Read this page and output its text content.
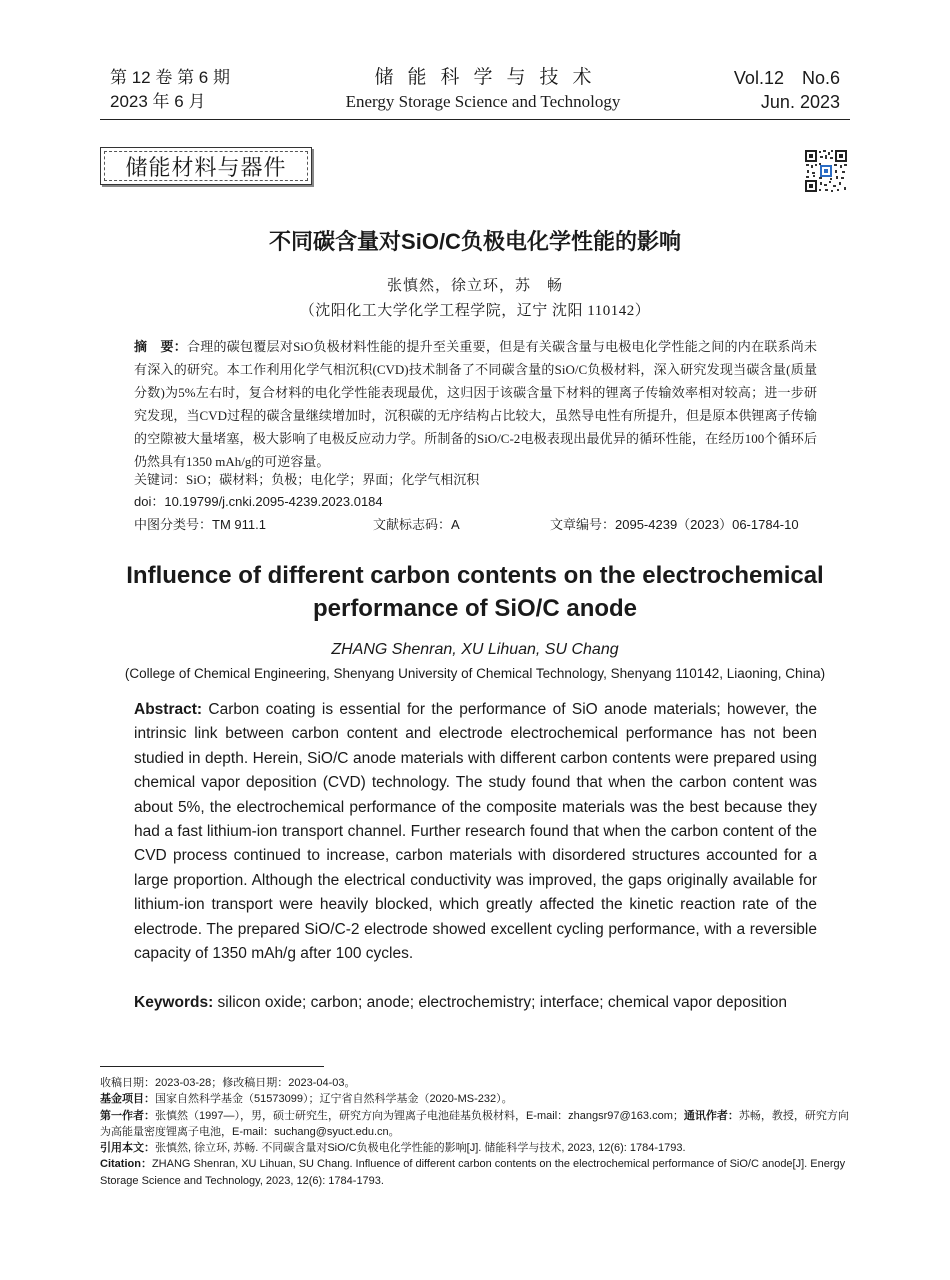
第 12 卷 第 6 期
2023 年 6 月
储能科学与技术
Energy Storage Science and Technology
Vol.12　No.6
Jun. 2023
储能材料与器件
不同碳含量对SiO/C负极电化学性能的影响
张慎然，徐立环，苏　畅
（沈阳化工大学化学工程学院，辽宁 沈阳 110142）
摘　要：合理的碳包覆层对SiO负极材料性能的提升至关重要，但是有关碳含量与电极电化学性能之间的内在联系尚未有深入的研究。本工作利用化学气相沉积(CVD)技术制备了不同碳含量的SiO/C负极材料，深入研究发现当碳含量(质量分数)为5%左右时，复合材料的电化学性能表现最优，这归因于该碳含量下材料的锂离子传输效率相对较高；进一步研究发现，当CVD过程的碳含量继续增加时，沉积碳的无序结构占比较大，虽然导电性有所提升，但是原本供锂离子传输的空隙被大量堵塞，极大影响了电极反应动力学。所制备的SiO/C-2电极表现出最优异的循环性能，在经历100个循环后仍然具有1350 mAh/g的可逆容量。
关键词：SiO；碳材料；负极；电化学；界面；化学气相沉积
doi：10.19799/j.cnki.2095-4239.2023.0184
中图分类号：TM 911.1	文献标志码：A	文章编号：2095-4239（2023）06-1784-10
Influence of different carbon contents on the electrochemical performance of SiO/C anode
ZHANG Shenran, XU Lihuan, SU Chang
(College of Chemical Engineering, Shenyang University of Chemical Technology, Shenyang 110142, Liaoning, China)
Abstract: Carbon coating is essential for the performance of SiO anode materials; however, the intrinsic link between carbon content and electrode electrochemical performance has not been studied in depth. Herein, SiO/C anode materials with different carbon contents were prepared using chemical vapor deposition (CVD) technology. The study found that when the carbon content was about 5%, the electrochemical performance of the composite materials was the best because they had a fast lithium-ion transport channel. Further research found that when the carbon content of the CVD process continued to increase, carbon materials with disordered structures accounted for a large proportion. Although the electrical conductivity was improved, the gaps originally available for lithium-ion transport were heavily blocked, which greatly affected the kinetic reaction rate of the electrode. The prepared SiO/C-2 electrode showed excellent cycling performance, with a reversible capacity of 1350 mAh/g after 100 cycles.
Keywords: silicon oxide; carbon; anode; electrochemistry; interface; chemical vapor deposition

收稿日期：2023-03-28；修改稿日期：2023-04-03。

基金项目：国家自然科学基金（51573099）；辽宁省自然科学基金（2020-MS-232）。

第一作者：张慎然（1997—），男，硕士研究生，研究方向为锂离子电池硅基负极材料，E-mail：zhangsr97@163.com；通讯作者：苏畅，教授，研究方向为高能量密度锂离子电池，E-mail：suchang@syuct.edu.cn。

引用本文：张慎然, 徐立环, 苏畅. 不同碳含量对SiO/C负极电化学性能的影响[J]. 储能科学与技术, 2023, 12(6): 1784-1793.

Citation：ZHANG Shenran, XU Lihuan, SU Chang. Influence of different carbon contents on the electrochemical performance of SiO/C anode[J]. Energy Storage Science and Technology, 2023, 12(6): 1784-1793.
